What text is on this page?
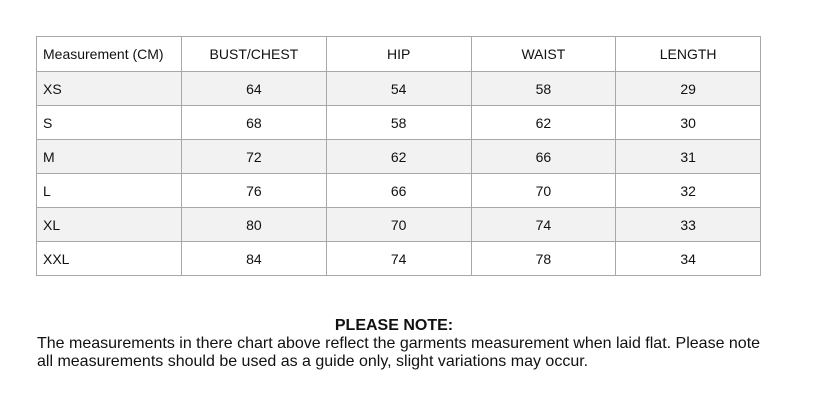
Measurement (CM)	BUST/CHEST	HIP	WAIST	LENGTH
XS	64	54	58	29
S	68	58	62	30
M	72	62	66	31
L	76	66	70	32
XL	80	70	74	33
XXL	84	74	78	34
PLEASE NOTE:
The measurements in there chart above reflect the garments measurement when laid flat. Please note all measurements should be used as a guide only, slight variations may occur.
